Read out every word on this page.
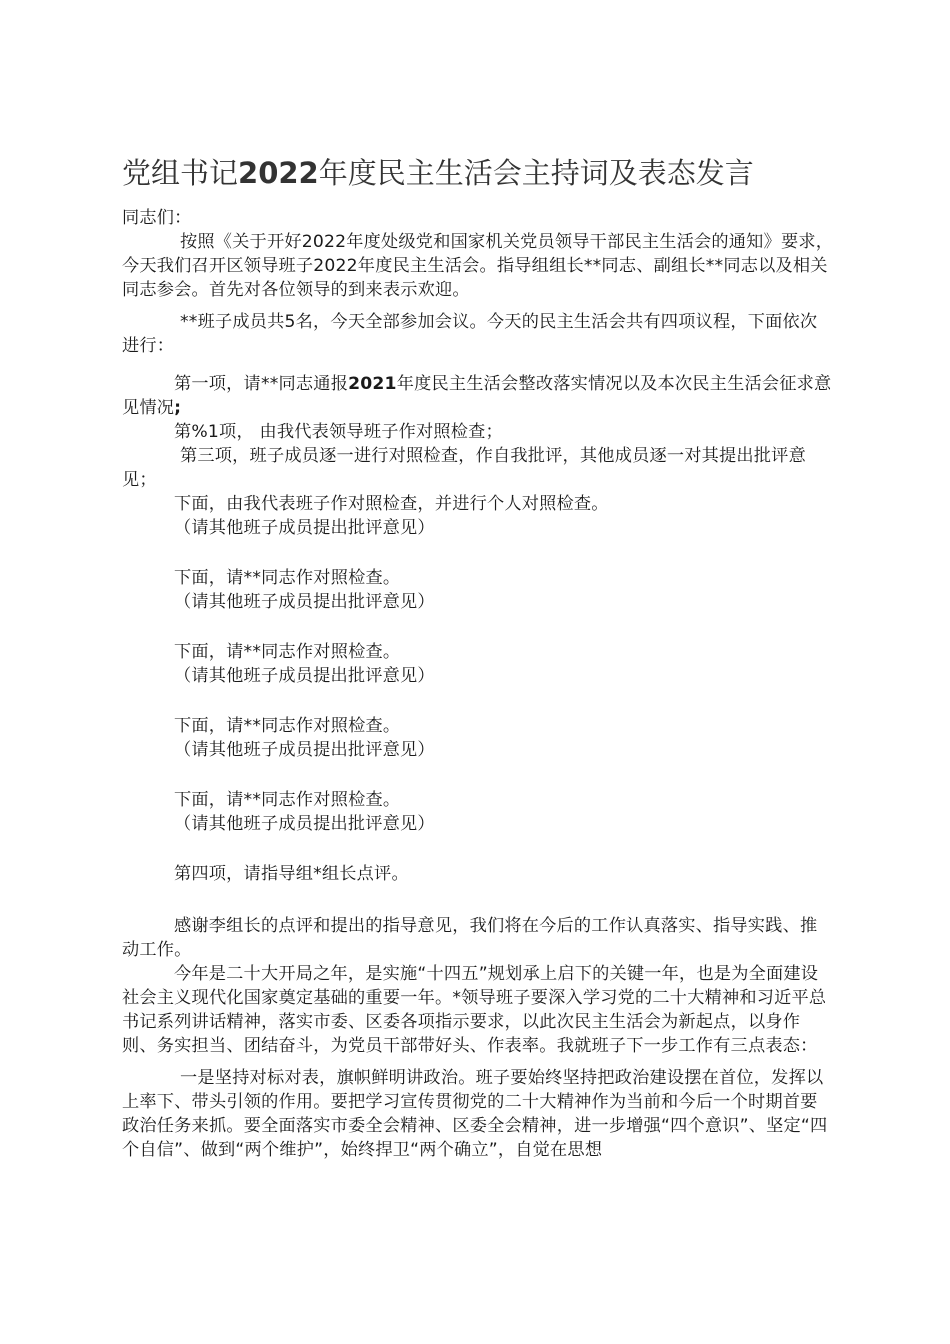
党组书记2022年度民主生活会主持词及表态发言

同志们：

按照《关于开好2022年度处级党和国家机关党员领导干部民主生活会的通知》要求，今天我们召开区领导班子2022年度民主生活会。指导组组长**同志、副组长**同志以及相关同志参会。首先对各位领导的到来表示欢迎。

**班子成员共5名，今天全部参加会议。今天的民主生活会共有四项议程，下面依次进行：

第一项，请**同志通报2021年度民主生活会整改落实情况以及本次民主生活会征求意见情况;

第%1项， 由我代表领导班子作对照检查；

第三项，班子成员逐一进行对照检查，作自我批评，其他成员逐一对其提出批评意见；

下面，由我代表班子作对照检查，并进行个人对照检查。

（请其他班子成员提出批评意见）

下面，请**同志作对照检查。

（请其他班子成员提出批评意见）

下面，请**同志作对照检查。

（请其他班子成员提出批评意见）

下面，请**同志作对照检查。

（请其他班子成员提出批评意见）

下面，请**同志作对照检查。

（请其他班子成员提出批评意见）

第四项，请指导组*组长点评。

感谢李组长的点评和提出的指导意见，我们将在今后的工作认真落实、指导实践、推动工作。

今年是二十大开局之年，是实施“十四五”规划承上启下的关键一年，也是为全面建设社会主义现代化国家奠定基础的重要一年。*领导班子要深入学习党的二十大精神和习近平总书记系列讲话精神，落实市委、区委各项指示要求，以此次民主生活会为新起点，以身作则、务实担当、团结奋斗，为党员干部带好头、作表率。我就班子下一步工作有三点表态：

一是坚持对标对表，旗帜鲜明讲政治。班子要始终坚持把政治建设摆在首位，发挥以上率下、带头引领的作用。要把学习宣传贯彻党的二十大精神作为当前和今后一个时期首要政治任务来抓。要全面落实市委全会精神、区委全会精神，进一步增强“四个意识”、坚定“四个自信”、做到“两个维护”，始终捍卫“两个确立”，自觉在思想
